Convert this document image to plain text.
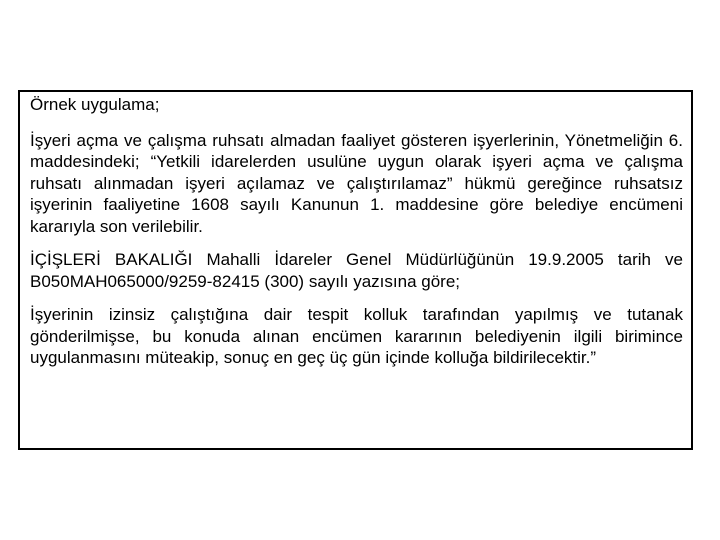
Örnek uygulama;

İşyeri açma ve çalışma ruhsatı almadan faaliyet gösteren işyerlerinin, Yönetmeliğin 6. maddesindeki; “Yetkili idarelerden usulüne uygun olarak işyeri açma ve çalışma ruhsatı alınmadan işyeri açılamaz ve çalıştırılamaz” hükmü gereğince ruhsatsız işyerinin faaliyetine 1608 sayılı Kanunun 1. maddesine göre belediye encümeni kararıyla son verilebilir.

İÇİŞLERİ BAKALIĞI Mahalli İdareler Genel Müdürlüğünün 19.9.2005 tarih ve B050MAH065000/9259-82415 (300) sayılı yazısına göre;

İşyerinin izinsiz çalıştığına dair tespit kolluk tarafından yapılmış ve tutanak gönderilmişse, bu konuda alınan encümen kararının belediyenin ilgili birimince uygulanmasını müteakip, sonuç en geç üç gün içinde kolluğa bildirilecektir.”
